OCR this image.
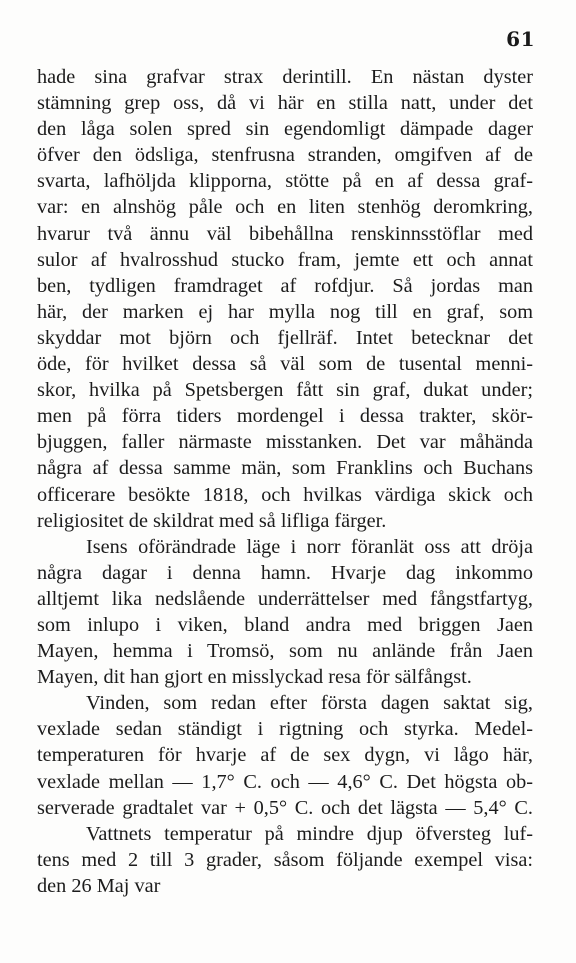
61
hade sina grafvar strax derintill. En nästan dyster
stämning grep oss, då vi här en stilla natt, under det
den låga solen spred sin egendomligt dämpade dager
öfver den ödsliga, stenfrusna stranden, omgifven af de
svarta, lafhöljda klipporna, stötte på en af dessa graf-
var: en alnshög påle och en liten stenhög deromkring,
hvarur två ännu väl bibehållna renskinnsstöflar med
sulor af hvalrosshud stucko fram, jemte ett och annat
ben, tydligen framdraget af rofdjur. Så jordas man
här, der marken ej har mylla nog till en graf, som
skyddar mot björn och fjellräf. Intet betecknar det
öde, för hvilket dessa så väl som de tusental menni-
skor, hvilka på Spetsbergen fått sin graf, dukat under;
men på förra tiders mordengel i dessa trakter, skör-
bjuggen, faller närmaste misstanken. Det var måhända
några af dessa samme män, som Franklins och Buchans
officerare besökte 1818, och hvilkas värdiga skick och
religiositet de skildrat med så lifliga färger.
Isens oförändrade läge i norr föranlät oss att dröja
några dagar i denna hamn. Hvarje dag inkommo
alltjemt lika nedslående underrättelser med fångstfartyg,
som inlupo i viken, bland andra med briggen Jaen
Mayen, hemma i Tromsö, som nu anlände från Jaen
Mayen, dit han gjort en misslyckad resa för sälfångst.
Vinden, som redan efter första dagen saktat sig,
vexlade sedan ständigt i rigtning och styrka. Medel-
temperaturen för hvarje af de sex dygn, vi lågo här,
vexlade mellan — 1,7° C. och — 4,6° C. Det högsta ob-
serverade gradtalet var + 0,5° C. och det lägsta — 5,4° C.
Vattnets temperatur på mindre djup öfversteg luf-
tens med 2 till 3 grader, såsom följande exempel visa:
den 26 Maj var
